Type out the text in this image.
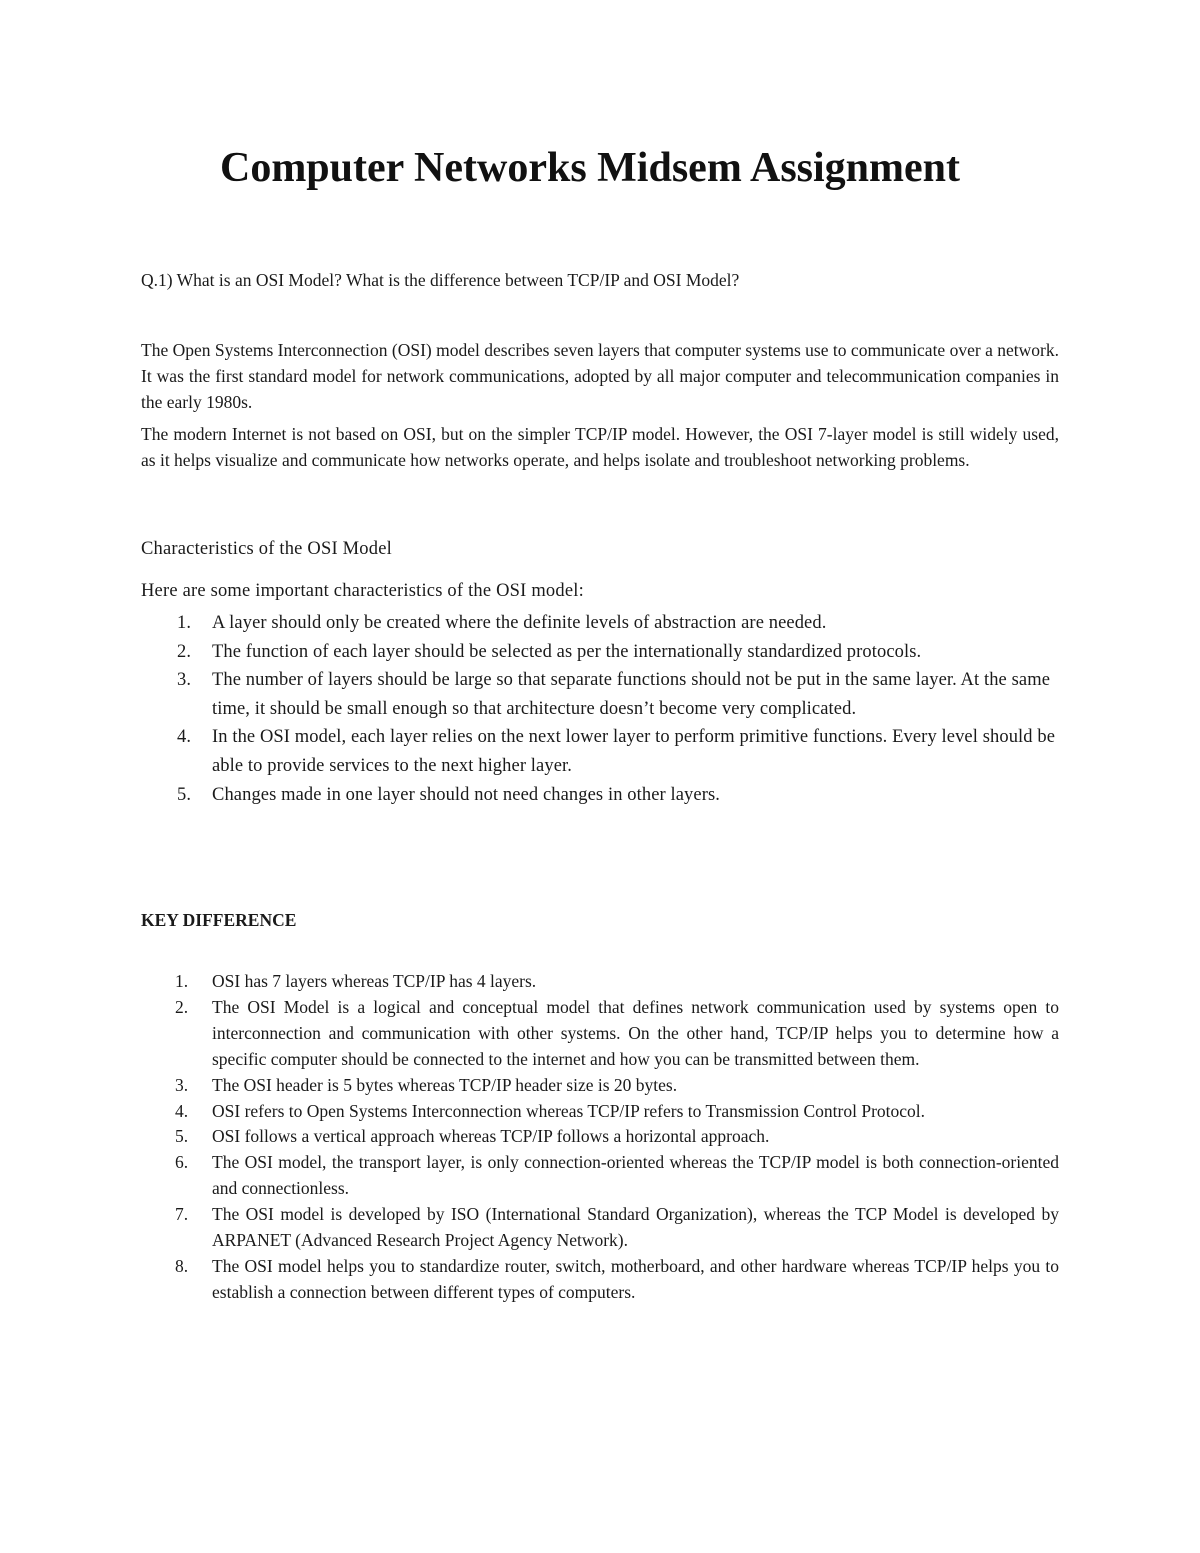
Computer Networks Midsem Assignment

Q.1) What is an OSI Model? What is the difference between TCP/IP and OSI Model?

The Open Systems Interconnection (OSI) model describes seven layers that computer systems use to communicate over a network. It was the first standard model for network communications, adopted by all major computer and telecommunication companies in the early 1980s.

The modern Internet is not based on OSI, but on the simpler TCP/IP model. However, the OSI 7-layer model is still widely used, as it helps visualize and communicate how networks operate, and helps isolate and troubleshoot networking problems.

Characteristics of the OSI Model

Here are some important characteristics of the OSI model:

1. A layer should only be created where the definite levels of abstraction are needed.
2. The function of each layer should be selected as per the internationally standardized protocols.
3. The number of layers should be large so that separate functions should not be put in the same layer. At the same time, it should be small enough so that architecture doesn’t become very complicated.
4. In the OSI model, each layer relies on the next lower layer to perform primitive functions. Every level should be able to provide services to the next higher layer.
5. Changes made in one layer should not need changes in other layers.

KEY DIFFERENCE

1. OSI has 7 layers whereas TCP/IP has 4 layers.
2. The OSI Model is a logical and conceptual model that defines network communication used by systems open to interconnection and communication with other systems. On the other hand, TCP/IP helps you to determine how a specific computer should be connected to the internet and how you can be transmitted between them.
3. The OSI header is 5 bytes whereas TCP/IP header size is 20 bytes.
4. OSI refers to Open Systems Interconnection whereas TCP/IP refers to Transmission Control Protocol.
5. OSI follows a vertical approach whereas TCP/IP follows a horizontal approach.
6. The OSI model, the transport layer, is only connection-oriented whereas the TCP/IP model is both connection-oriented and connectionless.
7. The OSI model is developed by ISO (International Standard Organization), whereas the TCP Model is developed by ARPANET (Advanced Research Project Agency Network).
8. The OSI model helps you to standardize router, switch, motherboard, and other hardware whereas TCP/IP helps you to establish a connection between different types of computers.
